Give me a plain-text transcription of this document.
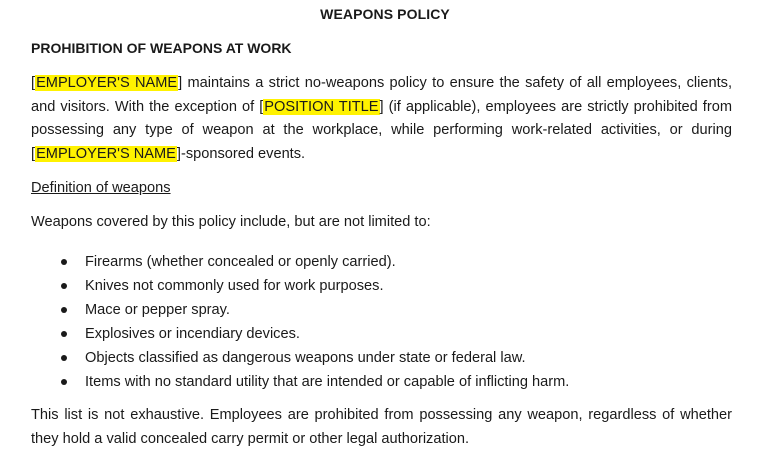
WEAPONS POLICY
PROHIBITION OF WEAPONS AT WORK
[EMPLOYER'S NAME] maintains a strict no-weapons policy to ensure the safety of all employees, clients, and visitors. With the exception of [POSITION TITLE] (if applicable), employees are strictly prohibited from possessing any type of weapon at the workplace, while performing work-related activities, or during [EMPLOYER'S NAME]-sponsored events.
Definition of weapons
Weapons covered by this policy include, but are not limited to:
Firearms (whether concealed or openly carried).
Knives not commonly used for work purposes.
Mace or pepper spray.
Explosives or incendiary devices.
Objects classified as dangerous weapons under state or federal law.
Items with no standard utility that are intended or capable of inflicting harm.
This list is not exhaustive. Employees are prohibited from possessing any weapon, regardless of whether they hold a valid concealed carry permit or other legal authorization.
